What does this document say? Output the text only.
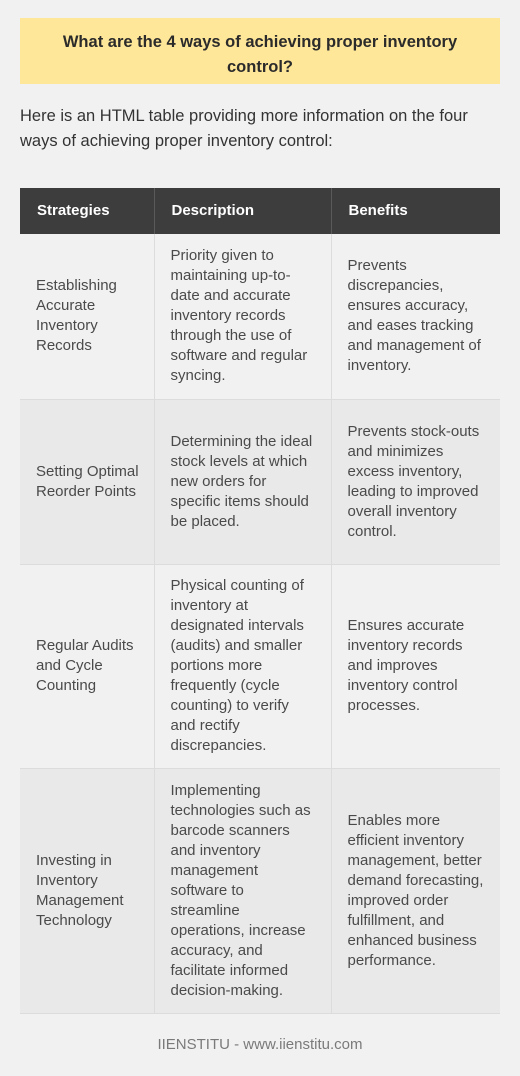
What are the 4 ways of achieving proper inventory control?
Here is an HTML table providing more information on the four ways of achieving proper inventory control:
Strategies	Description	Benefits
Establishing Accurate Inventory Records	Priority given to maintaining up-to-date and accurate inventory records through the use of software and regular syncing.	Prevents discrepancies, ensures accuracy, and eases tracking and management of inventory.
Setting Optimal Reorder Points	Determining the ideal stock levels at which new orders for specific items should be placed.	Prevents stock-outs and minimizes excess inventory, leading to improved overall inventory control.
Regular Audits and Cycle Counting	Physical counting of inventory at designated intervals (audits) and smaller portions more frequently (cycle counting) to verify and rectify discrepancies.	Ensures accurate inventory records and improves inventory control processes.
Investing in Inventory Management Technology	Implementing technologies such as barcode scanners and inventory management software to streamline operations, increase accuracy, and facilitate informed decision-making.	Enables more efficient inventory management, better demand forecasting, improved order fulfillment, and enhanced business performance.
IIENSTITU - www.iienstitu.com
